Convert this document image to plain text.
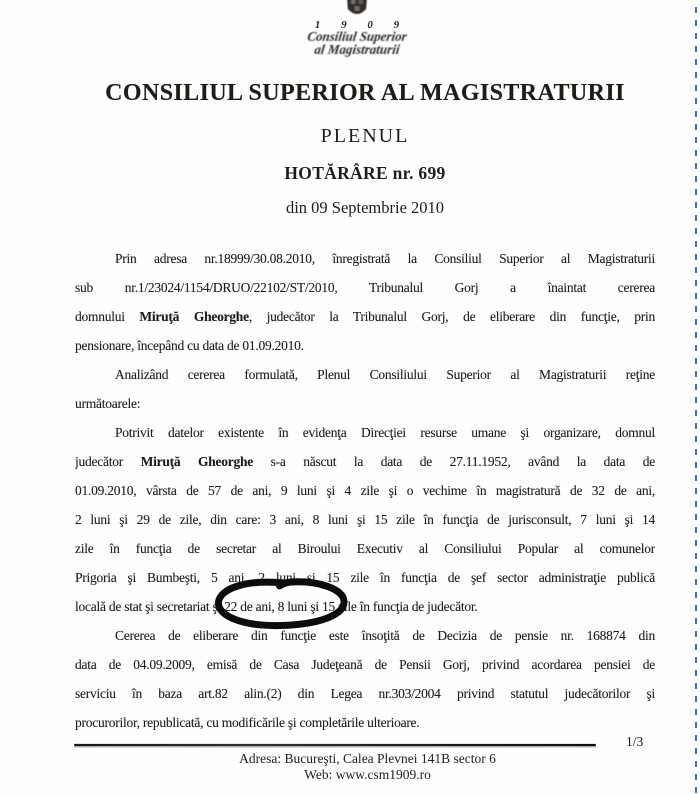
1 9 0 9
Consiliul Superior
al Magistraturii
CONSILIUL SUPERIOR AL MAGISTRATURII
PLENUL
HOTĂRÂRE nr. 699
din 09 Septembrie 2010
Prin adresa nr.18999/30.08.2010, înregistrată la Consiliul Superior al Magistraturii
sub nr.1/23024/1154/DRUO/22102/ST/2010, Tribunalul Gorj a înaintat cererea
domnului Miruţă Gheorghe, judecător la Tribunalul Gorj, de eliberare din funcţie, prin
pensionare, începând cu data de 01.09.2010.
Analizând cererea formulată, Plenul Consiliului Superior al Magistraturii reţine
următoarele:
Potrivit datelor existente în evidenţa Direcţiei resurse umane şi organizare, domnul
judecător Miruţă Gheorghe s-a născut la data de 27.11.1952, având la data de
01.09.2010, vârsta de 57 de ani, 9 luni şi 4 zile şi o vechime în magistratură de 32 de ani,
2 luni şi 29 de zile, din care: 3 ani, 8 luni şi 15 zile în funcţia de jurisconsult, 7 luni şi 14
zile în funcţia de secretar al Biroului Executiv al Consiliului Popular al comunelor
Prigoria şi Bumbeşti, 5 ani, 2 luni şi 15 zile în funcţia de şef sector administraţie publică
locală de stat şi secretariat şi 22 de ani, 8 luni şi 15 zile în funcţia de judecător.
Cererea de eliberare din funcţie este însoţită de Decizia de pensie nr. 168874 din
data de 04.09.2009, emisă de Casa Judeţeană de Pensii Gorj, privind acordarea pensiei de
serviciu în baza art.82 alin.(2) din Legea nr.303/2004 privind statutul judecătorilor şi
procurorilor, republicată, cu modificările şi completările ulterioare.
1/3
Adresa: Bucureşti, Calea Plevnei 141B sector 6
Web: www.csm1909.ro
